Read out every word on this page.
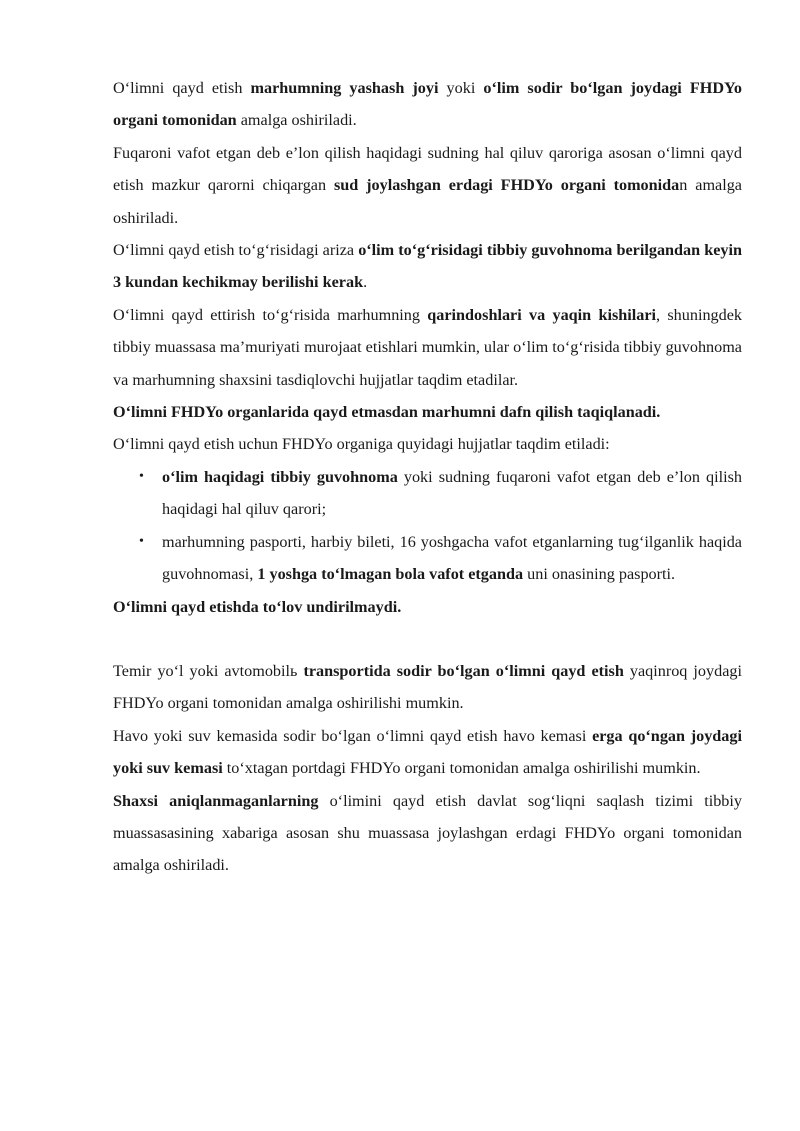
O‘limni qayd etish marhumning yashash joyi yoki o‘lim sodir bo‘lgan joydagi FHDYo organi tomonidan amalga oshiriladi.

Fuqaroni vafot etgan deb e’lon qilish haqidagi sudning hal qiluv qaroriga asosan o‘limni qayd etish mazkur qarorni chiqargan sud joylashgan erdagi FHDYo organi tomonidan amalga oshiriladi.

O‘limni qayd etish to‘g‘risidagi ariza o‘lim to‘g‘risidagi tibbiy guvohnoma berilgandan keyin 3 kundan kechikmay berilishi kerak.

O‘limni qayd ettirish to‘g‘risida marhumning qarindoshlari va yaqin kishilari, shuningdek tibbiy muassasa ma’muriyati murojaat etishlari mumkin, ular o‘lim to‘g‘risida tibbiy guvohnoma va marhumning shaxsini tasdiqlovchi hujjatlar taqdim etadilar.

O‘limni FHDYo organlarida qayd etmasdan marhumni dafn qilish taqiqlanadi.

O‘limni qayd etish uchun FHDYo organiga quyidagi hujjatlar taqdim etiladi:

• o‘lim haqidagi tibbiy guvohnoma yoki sudning fuqaroni vafot etgan deb e’lon qilish haqidagi hal qiluv qarori;
• marhumning pasporti, harbiy bileti, 16 yoshgacha vafot etganlarning tug‘ilganlik haqida guvohnomasi, 1 yoshga to‘lmagan bola vafot etganda uni onasining pasporti.

O‘limni qayd etishda to‘lov undirilmaydi.

Temir yo‘l yoki avtomobilь transportida sodir bo‘lgan o‘limni qayd etish yaqinroq joydagi FHDYo organi tomonidan amalga oshirilishi mumkin.

Havo yoki suv kemasida sodir bo‘lgan o‘limni qayd etish havo kemasi erga qo‘ngan joydagi yoki suv kemasi to‘xtagan portdagi FHDYo organi tomonidan amalga oshirilishi mumkin.

Shaxsi aniqlanmaganlarning o‘limini qayd etish davlat sog‘liqni saqlash tizimi tibbiy muassasasining xabariga asosan shu muassasa joylashgan erdagi FHDYo organi tomonidan amalga oshiriladi.
